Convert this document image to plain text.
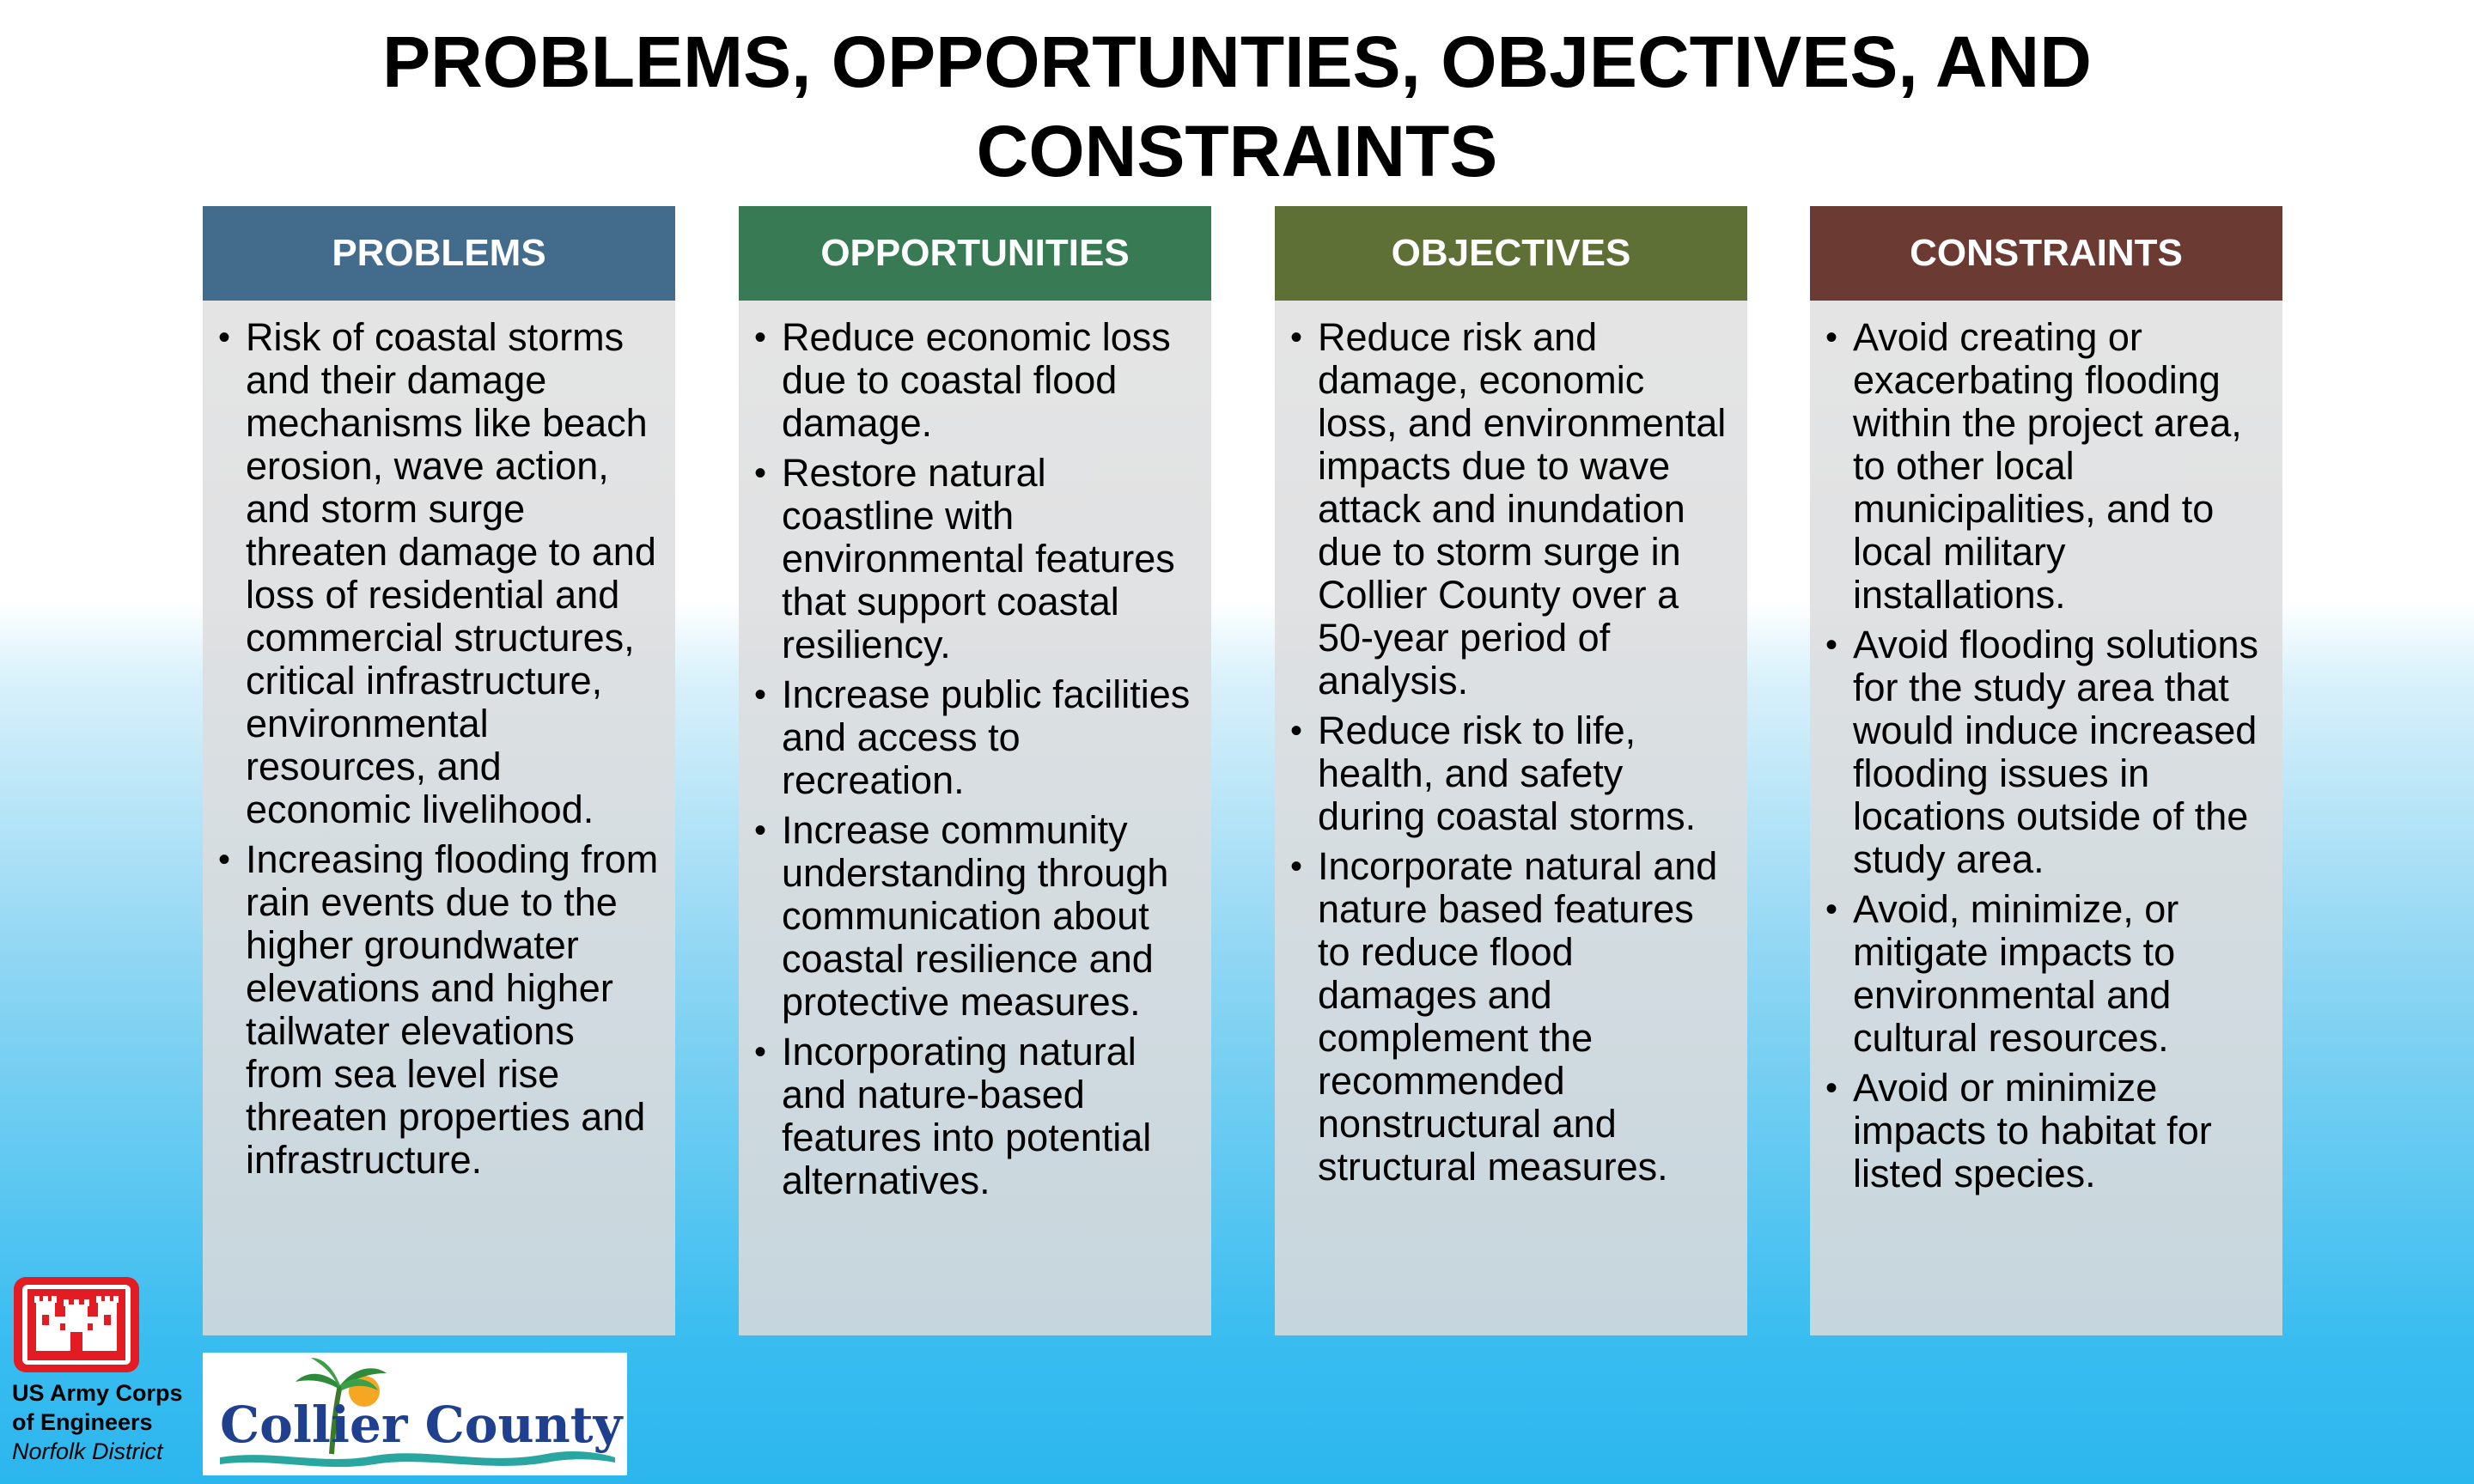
PROBLEMS, OPPORTUNTIES, OBJECTIVES, AND
CONSTRAINTS
PROBLEMS
• Risk of coastal storms and their damage mechanisms like beach erosion, wave action, and storm surge threaten damage to and loss of residential and commercial structures, critical infrastructure, environmental resources, and economic livelihood.
• Increasing flooding from rain events due to the higher groundwater elevations and higher tailwater elevations from sea level rise threaten properties and infrastructure.
OPPORTUNITIES
• Reduce economic loss due to coastal flood damage.
• Restore natural coastline with environmental features that support coastal resiliency.
• Increase public facilities and access to recreation.
• Increase community understanding through communication about coastal resilience and protective measures.
• Incorporating natural and nature-based features into potential alternatives.
OBJECTIVES
• Reduce risk and damage, economic loss, and environmental impacts due to wave attack and inundation due to storm surge in Collier County over a 50-year period of analysis.
• Reduce risk to life, health, and safety during coastal storms.
• Incorporate natural and nature based features to reduce flood damages and complement the recommended nonstructural and structural measures.
CONSTRAINTS
• Avoid creating or exacerbating flooding within the project area, to other local municipalities, and to local military installations.
• Avoid flooding solutions for the study area that would induce increased flooding issues in locations outside of the study area.
• Avoid, minimize, or mitigate impacts to environmental and cultural resources.
• Avoid or minimize impacts to habitat for listed species.
US Army Corps
of Engineers
Norfolk District	Collier County
